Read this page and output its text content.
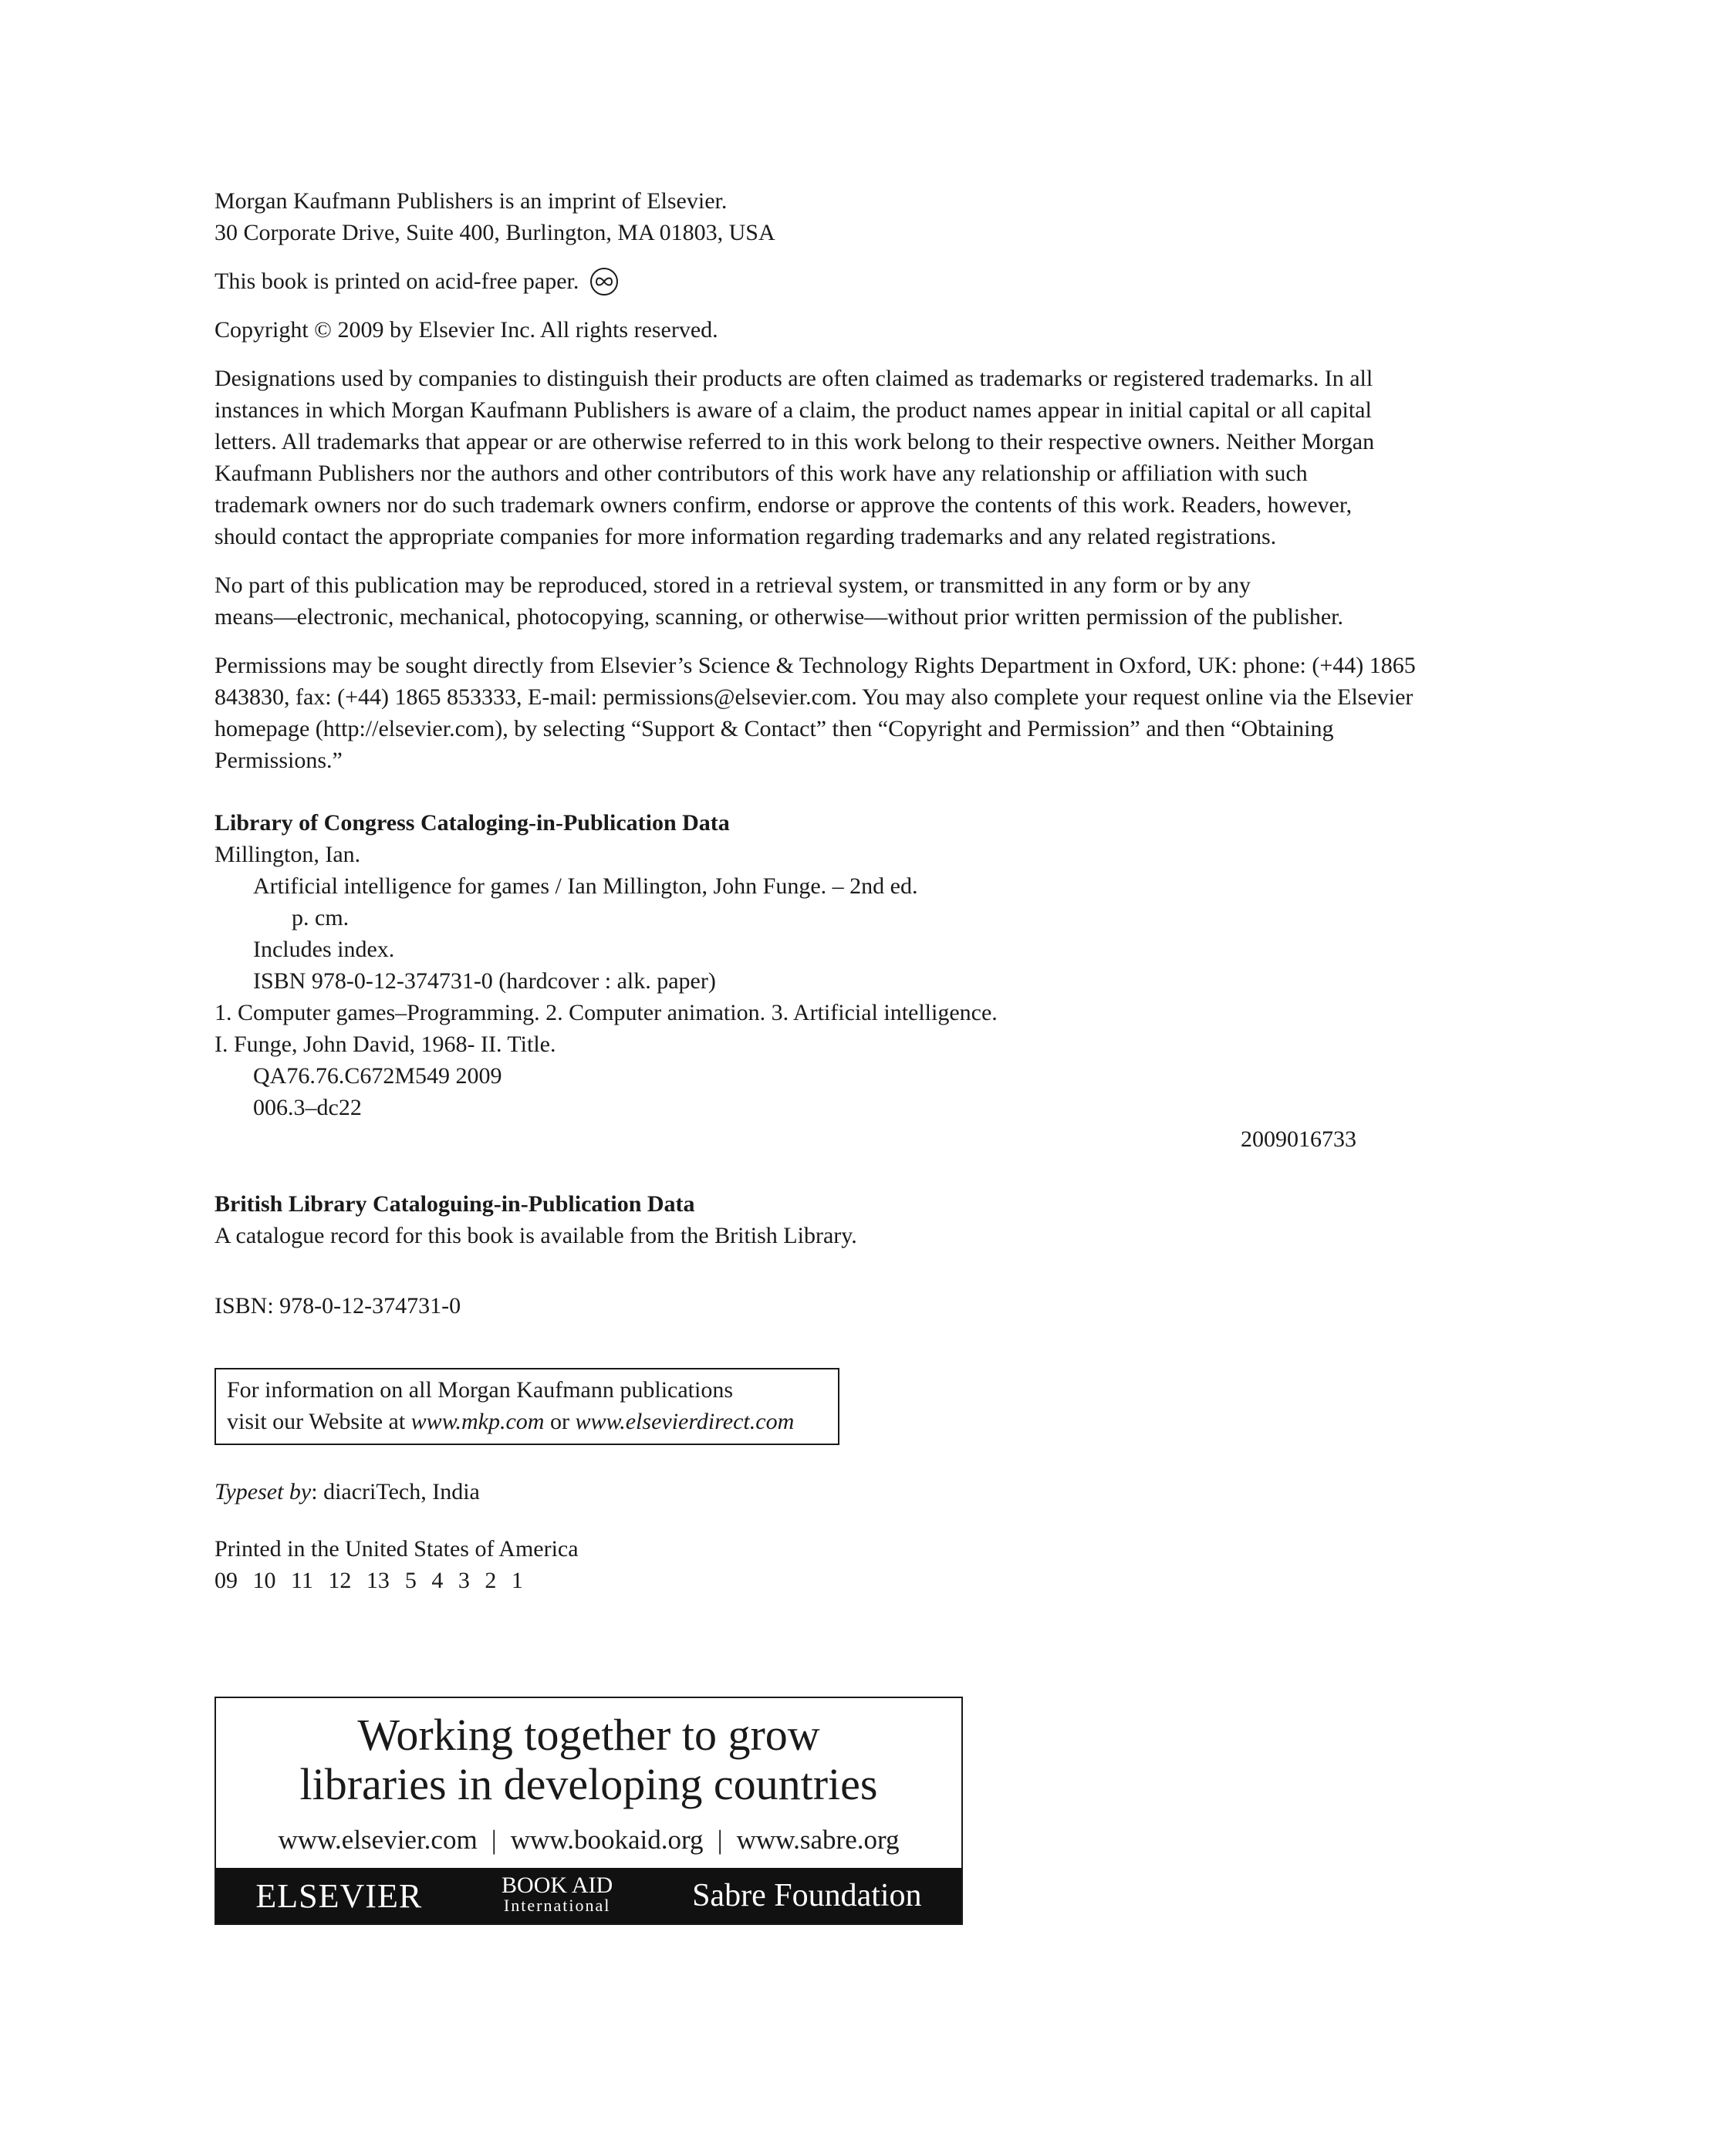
Morgan Kaufmann Publishers is an imprint of Elsevier.

30 Corporate Drive, Suite 400, Burlington, MA 01803, USA

This book is printed on acid-free paper.

Copyright © 2009 by Elsevier Inc. All rights reserved.

Designations used by companies to distinguish their products are often claimed as trademarks or registered trademarks. In all

instances in which Morgan Kaufmann Publishers is aware of a claim, the product names appear in initial capital or all capital

letters. All trademarks that appear or are otherwise referred to in this work belong to their respective owners. Neither Morgan

Kaufmann Publishers nor the authors and other contributors of this work have any relationship or affiliation with such

trademark owners nor do such trademark owners confirm, endorse or approve the contents of this work. Readers, however,

should contact the appropriate companies for more information regarding trademarks and any related registrations.

No part of this publication may be reproduced, stored in a retrieval system, or transmitted in any form or by any

means—electronic, mechanical, photocopying, scanning, or otherwise—without prior written permission of the publisher.

Permissions may be sought directly from Elsevier’s Science & Technology Rights Department in Oxford, UK: phone: (+44) 1865

843830, fax: (+44) 1865 853333, E-mail: permissions@elsevier.com. You may also complete your request online via the Elsevier

homepage (http://elsevier.com), by selecting “Support & Contact” then “Copyright and Permission” and then “Obtaining

Permissions.”

Library of Congress Cataloging-in-Publication Data

Millington, Ian.

Artificial intelligence for games / Ian Millington, John Funge. – 2nd ed.

p. cm.

Includes index.

ISBN 978-0-12-374731-0 (hardcover : alk. paper)

1. Computer games–Programming. 2. Computer animation. 3. Artificial intelligence.

I. Funge, John David, 1968- II. Title.

QA76.76.C672M549 2009

006.3–dc22

2009016733

British Library Cataloguing-in-Publication Data

A catalogue record for this book is available from the British Library.

ISBN: 978-0-12-374731-0

For information on all Morgan Kaufmann publications

visit our Website at www.mkp.com or www.elsevierdirect.com

Typeset by: diacriTech, India

Printed in the United States of America

09 10 11 12 13 5 4 3 2 1

Working together to grow
libraries in developing countries
www.elsevier.com | www.bookaid.org | www.sabre.org
ELSEVIER	BOOK AID
International	Sabre Foundation
